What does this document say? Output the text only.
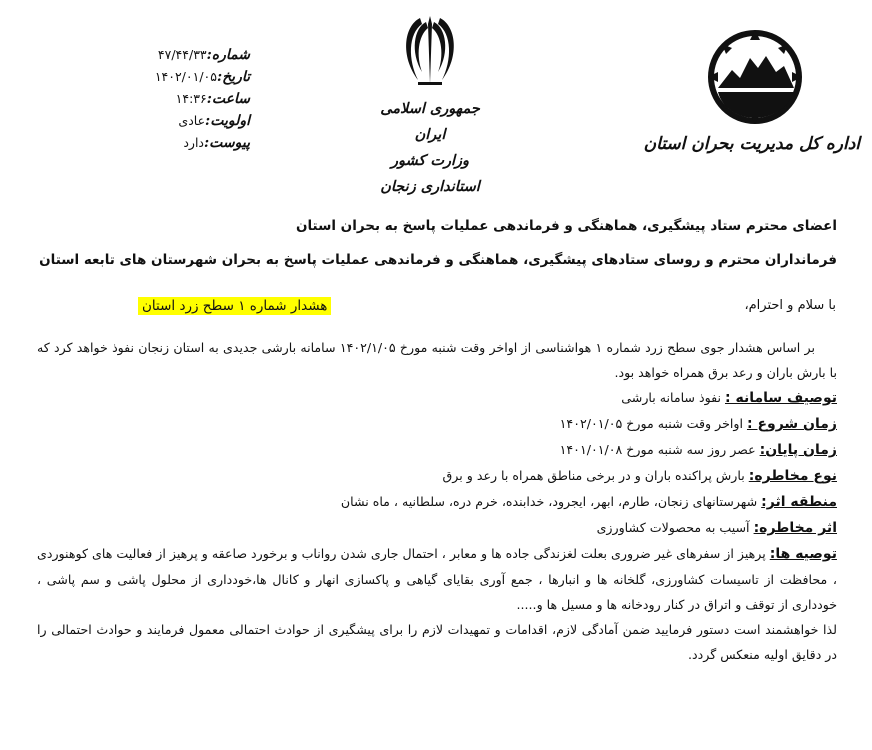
شماره:۴۷/۴۴/۳۳
تاریخ:۱۴۰۲/۰۱/۰۵
ساعت:۱۴:۳۶
اولویت:عادی
پیوست:دارد
جمهوری اسلامی ایران
وزارت کشور
استانداری زنجان
اداره کل مدیریت بحران استان
اعضای محترم ستاد پیشگیری، هماهنگی و فرماندهی عملیات پاسخ به بحران استان
فرمانداران محترم و روسای ستادهای پیشگیری، هماهنگی و فرماندهی عملیات پاسخ به بحران شهرستان های تابعه استان
با سلام و احترام،
هشدار شماره ۱ سطح زرد استان

بر اساس هشدار جوی سطح زرد شماره ۱ هواشناسی از اواخر وقت شنبه مورخ ۱۴۰۲/۱/۰۵ سامانه بارشی جدیدی به استان زنجان نفوذ خواهد کرد که با بارش باران و رعد برق همراه خواهد بود.

توصیف سامانه : نفوذ سامانه بارشی

زمان شروع : اواخر وقت شنبه مورخ ۱۴۰۲/۰۱/۰۵

زمان پایان: عصر روز سه شنبه مورخ ۱۴۰۱/۰۱/۰۸

نوع مخاطره: بارش پراکنده باران و در برخی مناطق همراه با رعد و برق

منطقه اثر: شهرستانهای زنجان، طارم، ابهر، ایجرود، خدابنده، خرم دره، سلطانیه ، ماه نشان

اثر مخاطره: آسیب به محصولات کشاورزی

توصیه ها: پرهیز از سفرهای غیر ضروری بعلت لغزندگی جاده ها و معابر ، احتمال جاری شدن رواناب و برخورد صاعقه و پرهیز از فعالیت های کوهنوردی ، محافظت از تاسیسات کشاورزی، گلخانه ها و انبارها ، جمع آوری بقایای گیاهی و پاکسازی انهار و کانال ها،خودداری از محلول پاشی و سم پاشی ، خودداری از توقف و اتراق در کنار رودخانه ها و مسیل ها و.....

لذا خواهشمند است دستور فرمایید ضمن آمادگی لازم، اقدامات و تمهیدات لازم را برای پیشگیری از حوادث احتمالی معمول فرمایند و حوادث احتمالی را در دقایق اولیه منعکس گردد.
